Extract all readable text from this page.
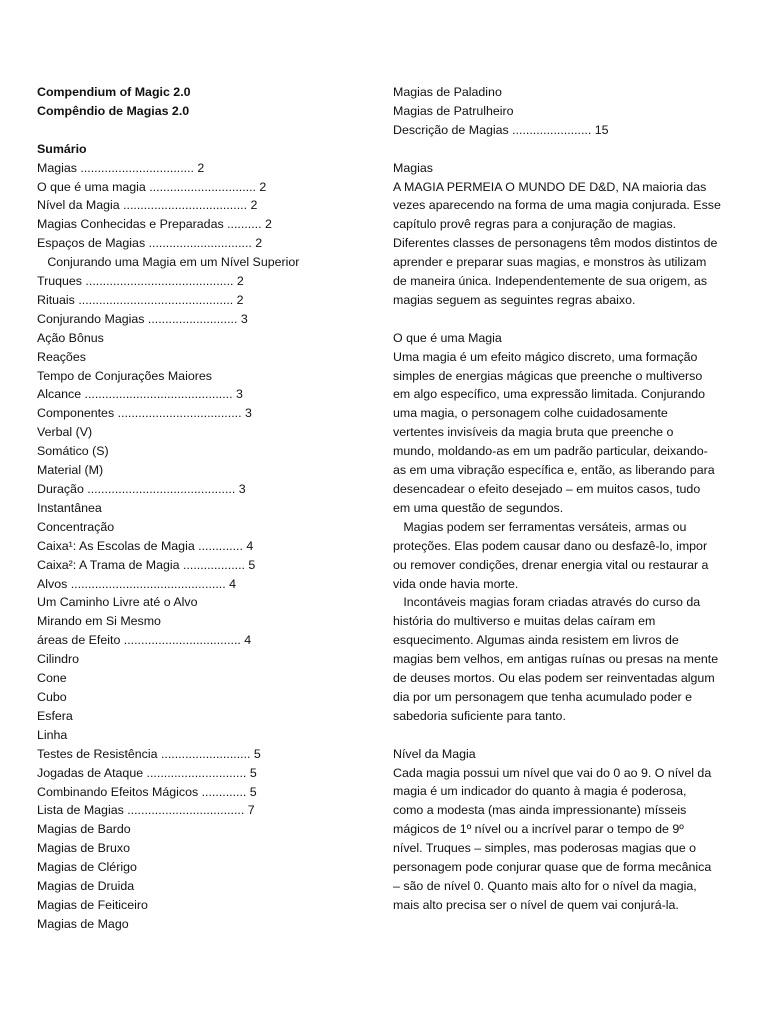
Compendium of Magic 2.0
Compêndio de Magias 2.0
Sumário
Magias ................................. 2
O que é uma magia ............................... 2
Nível da Magia .................................... 2
Magias Conhecidas e Preparadas .......... 2
Espaços de Magias .............................. 2
Conjurando uma Magia em um Nível Superior
Truques ........................................... 2
Rituais ............................................. 2
Conjurando Magias .......................... 3
Ação Bônus
Reações
Tempo de Conjurações Maiores
Alcance ........................................... 3
Componentes .................................... 3
Verbal (V)
Somático (S)
Material (M)
Duração ........................................... 3
Instantânea
Concentração
Caixa¹: As Escolas de Magia ............. 4
Caixa²: A Trama de Magia .................. 5
Alvos ............................................. 4
Um Caminho Livre até o Alvo
Mirando em Si Mesmo
áreas de Efeito .................................. 4
Cilindro
Cone
Cubo
Esfera
Linha
Testes de Resistência .......................... 5
Jogadas de Ataque ............................. 5
Combinando Efeitos Mágicos ............. 5
Lista de Magias .................................. 7
Magias de Bardo
Magias de Bruxo
Magias de Clérigo
Magias de Druida
Magias de Feiticeiro
Magias de Mago
Magias de Paladino
Magias de Patrulheiro
Descrição de Magias ....................... 15
Magias
A MAGIA PERMEIA O MUNDO DE D&D, NA maioria das
vezes aparecendo na forma de uma magia conjurada. Esse
capítulo provê regras para a conjuração de magias.
Diferentes classes de personagens têm modos distintos de
aprender e preparar suas magias, e monstros às utilizam
de maneira única. Independentemente de sua origem, as
magias seguem as seguintes regras abaixo.
O que é uma Magia
Uma magia é um efeito mágico discreto, uma formação
simples de energias mágicas que preenche o multiverso
em algo específico, uma expressão limitada. Conjurando
uma magia, o personagem colhe cuidadosamente
vertentes invisíveis da magia bruta que preenche o
mundo, moldando-as em um padrão particular, deixando-
as em uma vibração específica e, então, as liberando para
desencadear o efeito desejado – em muitos casos, tudo
em uma questão de segundos.
Magias podem ser ferramentas versáteis, armas ou
proteções. Elas podem causar dano ou desfazê-lo, impor
ou remover condições, drenar energia vital ou restaurar a
vida onde havia morte.
Incontáveis magias foram criadas através do curso da
história do multiverso e muitas delas caíram em
esquecimento. Algumas ainda resistem em livros de
magias bem velhos, em antigas ruínas ou presas na mente
de deuses mortos. Ou elas podem ser reinventadas algum
dia por um personagem que tenha acumulado poder e
sabedoria suficiente para tanto.
Nível da Magia
Cada magia possui um nível que vai do 0 ao 9. O nível da
magia é um indicador do quanto à magia é poderosa,
como a modesta (mas ainda impressionante) mísseis
mágicos de 1º nível ou a incrível parar o tempo de 9º
nível. Truques – simples, mas poderosas magias que o
personagem pode conjurar quase que de forma mecânica
– são de nível 0. Quanto mais alto for o nível da magia,
mais alto precisa ser o nível de quem vai conjurá-la.
